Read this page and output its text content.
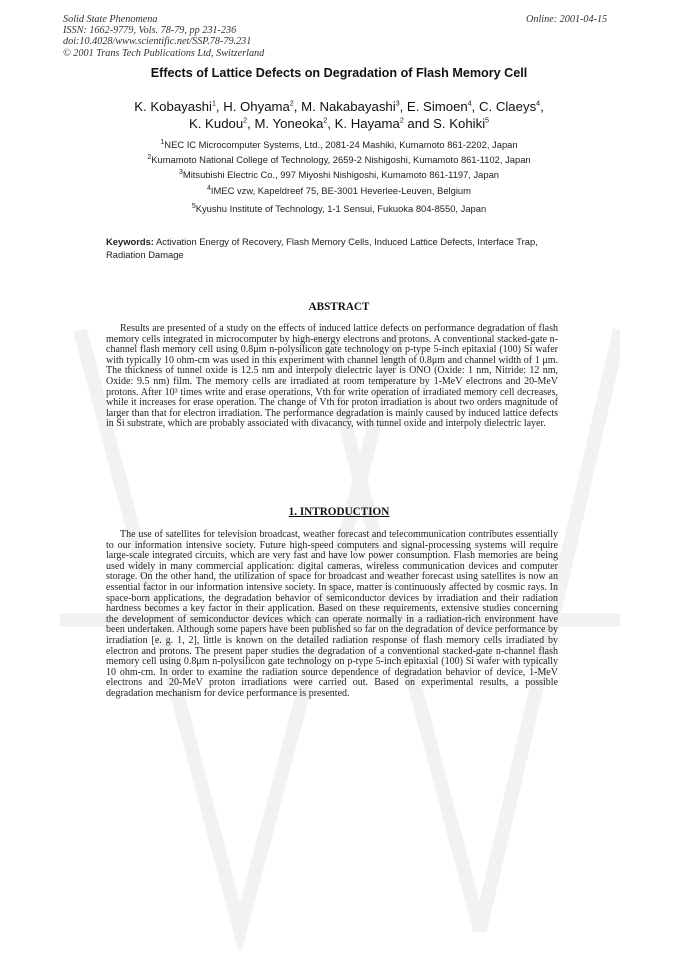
Solid State Phenomena
ISSN: 1662-9779, Vols. 78-79, pp 231-236
doi:10.4028/www.scientific.net/SSP.78-79.231
© 2001 Trans Tech Publications Ltd, Switzerland
Online: 2001-04-15
Effects of Lattice Defects on Degradation of Flash Memory Cell
K. Kobayashi$^1$, H. Ohyama$^2$, M. Nakabayashi$^3$, E. Simoen$^4$, C. Claeys$^4$,
K. Kudou$^2$, M. Yoneoka$^2$, K. Hayama$^2$ and S. Kohiki$^5$
$^1$NEC IC Microcomputer Systems, Ltd., 2081-24 Mashiki, Kumamoto 861-2202, Japan
$^2$Kumamoto National College of Technology, 2659-2 Nishigoshi, Kumamoto 861-1102, Japan
$^3$Mitsubishi Electric Co., 997 Miyoshi Nishigoshi, Kumamoto 861-1197, Japan
$^4$IMEC vzw, Kapeldreef 75, BE-3001 Heverlee-Leuven, Belgium
$^5$Kyushu Institute of Technology, 1-1 Sensui, Fukuoka 804-8550, Japan
Keywords: Activation Energy of Recovery, Flash Memory Cells, Induced Lattice Defects, Interface Trap, Radiation Damage
ABSTRACT

Results are presented of a study on the effects of induced lattice defects on performance degradation of flash memory cells integrated in microcomputer by high-energy electrons and protons. A conventional stacked-gate n-channel flash memory cell using 0.8μm n-polysilicon gate technology on p-type 5-inch epitaxial (100) Si wafer with typically 10 ohm-cm was used in this experiment with channel length of 0.8μm and channel width of 1 μm. The thickness of tunnel oxide is 12.5 nm and interpoly dielectric layer is ONO (Oxide: 1 nm, Nitride: 12 nm, Oxide: 9.5 nm) film. The memory cells are irradiated at room temperature by 1-MeV electrons and 20-MeV protons. After 10³ times write and erase operations, Vth for write operation of irradiated memory cell decreases, while it increases for erase operation. The change of Vth for proton irradiation is about two orders magnitude of larger than that for electron irradiation. The performance degradation is mainly caused by induced lattice defects in Si substrate, which are probably associated with divacancy, with tunnel oxide and interpoly dielectric layer.

1. INTRODUCTION

The use of satellites for television broadcast, weather forecast and telecommunication contributes essentially to our information intensive society. Future high-speed computers and signal-processing systems will require large-scale integrated circuits, which are very fast and have low power consumption. Flash memories are being used widely in many commercial application: digital cameras, wireless communication devices and computer storage. On the other hand, the utilization of space for broadcast and weather forecast using satellites is now an essential factor in our information intensive society. In space, matter is continuously affected by cosmic rays. In space-born applications, the degradation behavior of semiconductor devices by irradiation and their radiation hardness becomes a key factor in their application. Based on these requirements, extensive studies concerning the development of semiconductor devices which can operate normally in a radiation-rich environment have been undertaken. Although some papers have been published so far on the degradation of device performance by irradiation [e. g. 1, 2], little is known on the detailed radiation response of flash memory cells irradiated by electron and protons. The present paper studies the degradation of a conventional stacked-gate n-channel flash memory cell using 0.8μm n-polysilicon gate technology on p-type 5-inch epitaxial (100) Si wafer with typically 10 ohm-cm. In order to examine the radiation source dependence of degradation behavior of device, 1-MeV electrons and 20-MeV proton irradiations were carried out. Based on experimental results, a possible degradation mechanism for device performance is presented.
